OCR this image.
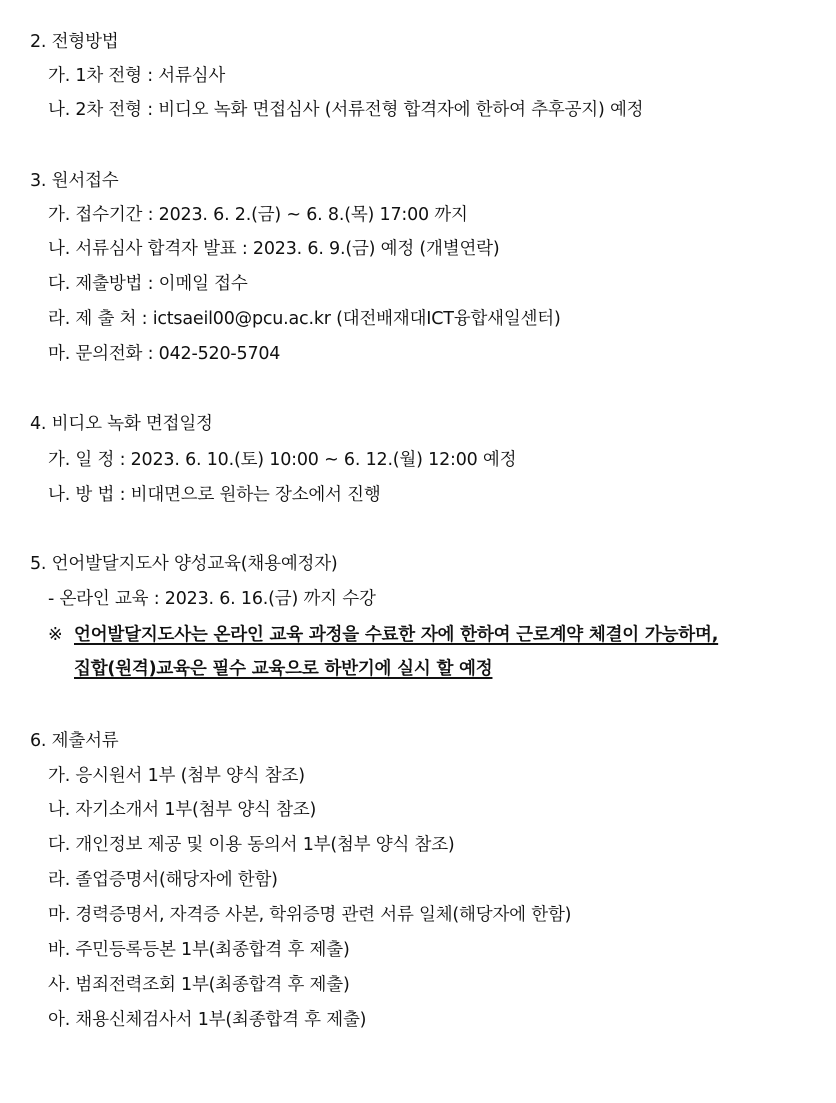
2. 전형방법
가. 1차 전형 : 서류심사
나. 2차 전형 : 비디오 녹화 면접심사 (서류전형 합격자에 한하여 추후공지) 예정
3. 원서접수
가. 접수기간 : 2023. 6. 2.(금) ~ 6. 8.(목) 17:00 까지
나. 서류심사 합격자 발표 : 2023. 6. 9.(금) 예정 (개별연락)
다. 제출방법 : 이메일 접수
라. 제 출 처 : ictsaeil00@pcu.ac.kr (대전배재대ICT융합새일센터)
마. 문의전화 : 042-520-5704
4. 비디오 녹화 면접일정
가. 일 정 : 2023. 6. 10.(토) 10:00 ~ 6. 12.(월) 12:00 예정
나. 방 법 : 비대면으로 원하는 장소에서 진행
5. 언어발달지도사 양성교육(채용예정자)
- 온라인 교육 : 2023. 6. 16.(금) 까지 수강
※ 언어발달지도사는 온라인 교육 과정을 수료한 자에 한하여 근로계약 체결이 가능하며,
집합(원격)교육은 필수 교육으로 하반기에 실시 할 예정
6. 제출서류
가. 응시원서 1부 (첨부 양식 참조)
나. 자기소개서 1부(첨부 양식 참조)
다. 개인정보 제공 및 이용 동의서 1부(첨부 양식 참조)
라. 졸업증명서(해당자에 한함)
마. 경력증명서, 자격증 사본, 학위증명 관련 서류 일체(해당자에 한함)
바. 주민등록등본 1부(최종합격 후 제출)
사. 범죄전력조회 1부(최종합격 후 제출)
아. 채용신체검사서 1부(최종합격 후 제출)
